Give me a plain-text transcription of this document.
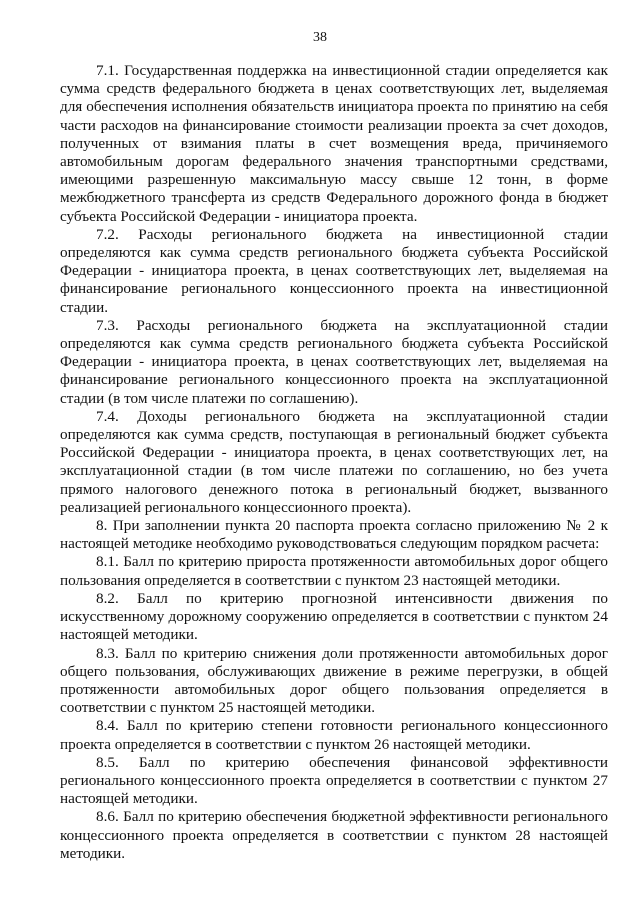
38

7.1. Государственная поддержка на инвестиционной стадии определяется как сумма средств федерального бюджета в ценах соответствующих лет, выделяемая для обеспечения исполнения обязательств инициатора проекта по принятию на себя части расходов на финансирование стоимости реализации проекта за счет доходов, полученных от взимания платы в счет возмещения вреда, причиняемого автомобильным дорогам федерального значения транспортными средствами, имеющими разрешенную максимальную массу свыше 12 тонн, в форме межбюджетного трансферта из средств Федерального дорожного фонда в бюджет субъекта Российской Федерации - инициатора проекта.

7.2. Расходы регионального бюджета на инвестиционной стадии определяются как сумма средств регионального бюджета субъекта Российской Федерации - инициатора проекта, в ценах соответствующих лет, выделяемая на финансирование регионального концессионного проекта на инвестиционной стадии.

7.3. Расходы регионального бюджета на эксплуатационной стадии определяются как сумма средств регионального бюджета субъекта Российской Федерации - инициатора проекта, в ценах соответствующих лет, выделяемая на финансирование регионального концессионного проекта на эксплуатационной стадии (в том числе платежи по соглашению).

7.4. Доходы регионального бюджета на эксплуатационной стадии определяются как сумма средств, поступающая в региональный бюджет субъекта Российской Федерации - инициатора проекта, в ценах соответствующих лет, на эксплуатационной стадии (в том числе платежи по соглашению, но без учета прямого налогового денежного потока в региональный бюджет, вызванного реализацией регионального концессионного проекта).

8. При заполнении пункта 20 паспорта проекта согласно приложению № 2 к настоящей методике необходимо руководствоваться следующим порядком расчета:

8.1. Балл по критерию прироста протяженности автомобильных дорог общего пользования определяется в соответствии с пунктом 23 настоящей методики.

8.2. Балл по критерию прогнозной интенсивности движения по искусственному дорожному сооружению определяется в соответствии с пунктом 24 настоящей методики.

8.3. Балл по критерию снижения доли протяженности автомобильных дорог общего пользования, обслуживающих движение в режиме перегрузки, в общей протяженности автомобильных дорог общего пользования определяется в соответствии с пунктом 25 настоящей методики.

8.4. Балл по критерию степени готовности регионального концессионного проекта определяется в соответствии с пунктом 26 настоящей методики.

8.5. Балл по критерию обеспечения финансовой эффективности регионального концессионного проекта определяется в соответствии с пунктом 27 настоящей методики.

8.6. Балл по критерию обеспечения бюджетной эффективности регионального концессионного проекта определяется в соответствии с пунктом 28 настоящей методики.
